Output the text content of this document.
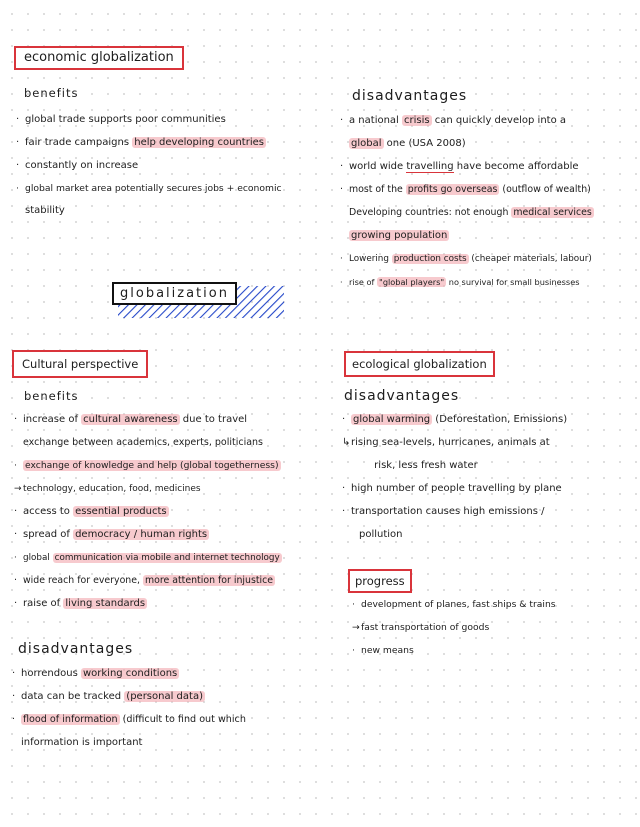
economic globalization
benefits
· global trade supports poor communities
· fair trade campaigns help developing countries
· constantly on increase
· global market area potentially secures jobs + economic
stability
disadvantages
· a national crisis can quickly develop into a
global one (USA 2008)
· world wide travelling have become affordable
· most of the profits go overseas (outflow of wealth)
Developing countries: not enough medical services
growing population
· Lowering production costs (cheaper materials, labour)
· rise of "global players" no survival for small businesses
globalization
Cultural perspective
benefits
· increase of cultural awareness due to travel
exchange between academics, experts, politicians
· exchange of knowledge and help (global togetherness)
→technology, education, food, medicines
· access to essential products
· spread of democracy / human rights
· global communication via mobile and internet technology
· wide reach for everyone, more attention for injustice
· raise of living standards
disadvantages
· horrendous working conditions
· data can be tracked (personal data)
· flood of information (difficult to find out which
information is important
ecological globalization
disadvantages
· global warming (Deforestation, Emissions)
↳rising sea-levels, hurricanes, animals at
risk, less fresh water
· high number of people travelling by plane
· transportation causes high emissions /
pollution
progress
· development of planes, fast ships & trains
→fast transportation of goods
· new means
